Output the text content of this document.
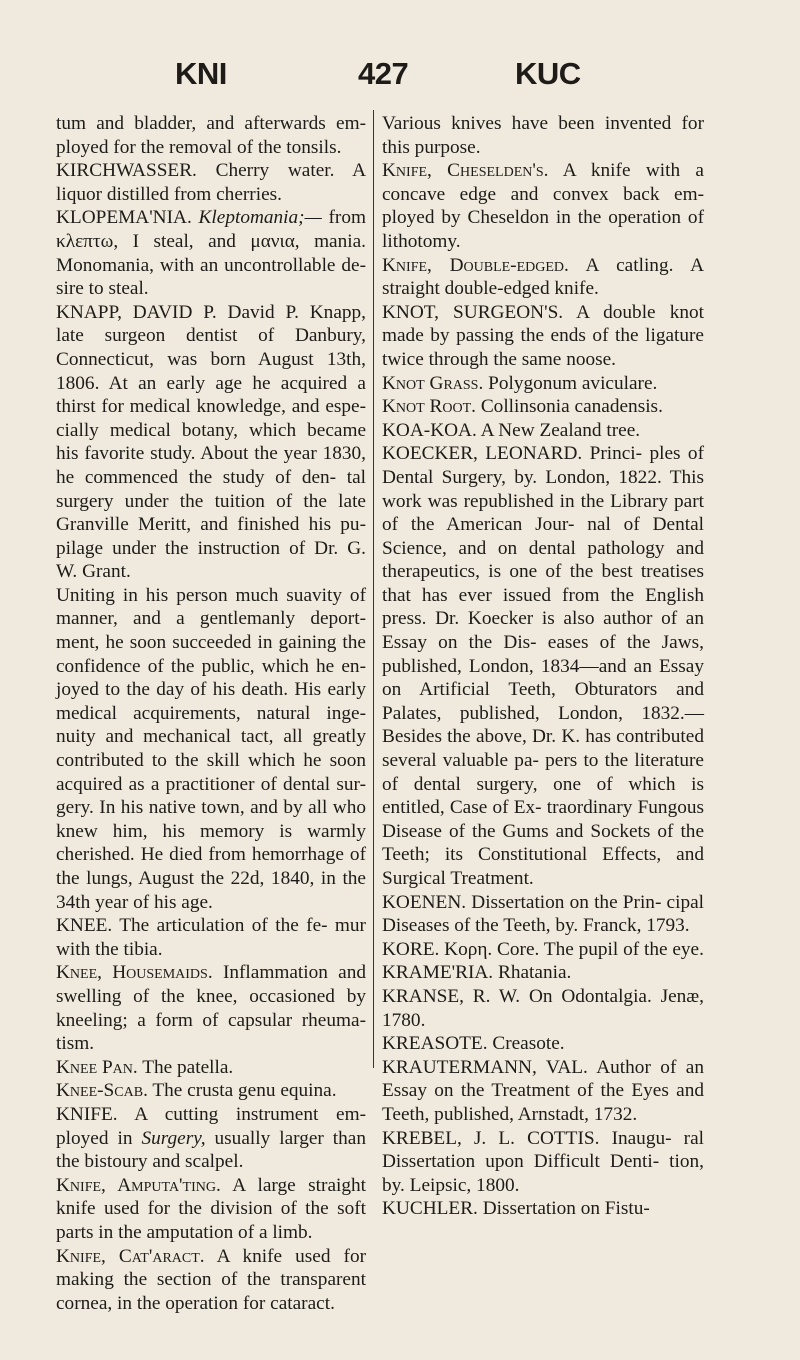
KNI	427	KUC

tum and bladder, and afterwards em- ployed for the removal of the tonsils.

KIRCHWASSER. Cherry water. A liquor distilled from cherries.

KLOPEMA'NIA. Kleptomania;— from κλεπτω, I steal, and μανια, mania. Monomania, with an uncontrollable de- sire to steal.

KNAPP, DAVID P. David P. Knapp, late surgeon dentist of Danbury, Connecticut, was born August 13th, 1806. At an early age he acquired a thirst for medical knowledge, and espe- cially medical botany, which became his favorite study. About the year 1830, he commenced the study of den- tal surgery under the tuition of the late Granville Meritt, and finished his pu- pilage under the instruction of Dr. G. W. Grant.

Uniting in his person much suavity of manner, and a gentlemanly deport- ment, he soon succeeded in gaining the confidence of the public, which he en- joyed to the day of his death. His early medical acquirements, natural inge- nuity and mechanical tact, all greatly contributed to the skill which he soon acquired as a practitioner of dental sur- gery. In his native town, and by all who knew him, his memory is warmly cherished. He died from hemorrhage of the lungs, August the 22d, 1840, in the 34th year of his age.

KNEE. The articulation of the fe- mur with the tibia.

Knee, Housemaids. Inflammation and swelling of the knee, occasioned by kneeling; a form of capsular rheuma- tism.

Knee Pan. The patella.

Knee-Scab. The crusta genu equina.

KNIFE. A cutting instrument em- ployed in Surgery, usually larger than the bistoury and scalpel.

Knife, Amputa'ting. A large straight knife used for the division of the soft parts in the amputation of a limb.

Knife, Cat'aract. A knife used for making the section of the transparent cornea, in the operation for cataract.

Various knives have been invented for this purpose.

Knife, Cheselden's. A knife with a concave edge and convex back em- ployed by Cheseldon in the operation of lithotomy.

Knife, Double-edged. A catling. A straight double-edged knife.

KNOT, SURGEON'S. A double knot made by passing the ends of the ligature twice through the same noose.

Knot Grass. Polygonum aviculare.

Knot Root. Collinsonia canadensis.

KOA-KOA. A New Zealand tree.

KOECKER, LEONARD. Princi- ples of Dental Surgery, by. London, 1822. This work was republished in the Library part of the American Jour- nal of Dental Science, and on dental pathology and therapeutics, is one of the best treatises that has ever issued from the English press. Dr. Koecker is also author of an Essay on the Dis- eases of the Jaws, published, London, 1834—and an Essay on Artificial Teeth, Obturators and Palates, published, London, 1832.—Besides the above, Dr. K. has contributed several valuable pa- pers to the literature of dental surgery, one of which is entitled, Case of Ex- traordinary Fungous Disease of the Gums and Sockets of the Teeth; its Constitutional Effects, and Surgical Treatment.

KOENEN. Dissertation on the Prin- cipal Diseases of the Teeth, by. Franck, 1793.

KORE. Κορη. Core. The pupil of the eye.

KRAME'RIA. Rhatania.

KRANSE, R. W. On Odontalgia. Jenæ, 1780.

KREASOTE. Creasote.

KRAUTERMANN, VAL. Author of an Essay on the Treatment of the Eyes and Teeth, published, Arnstadt, 1732.

KREBEL, J. L. COTTIS. Inaugu- ral Dissertation upon Difficult Denti- tion, by. Leipsic, 1800.

KUCHLER. Dissertation on Fistu-
